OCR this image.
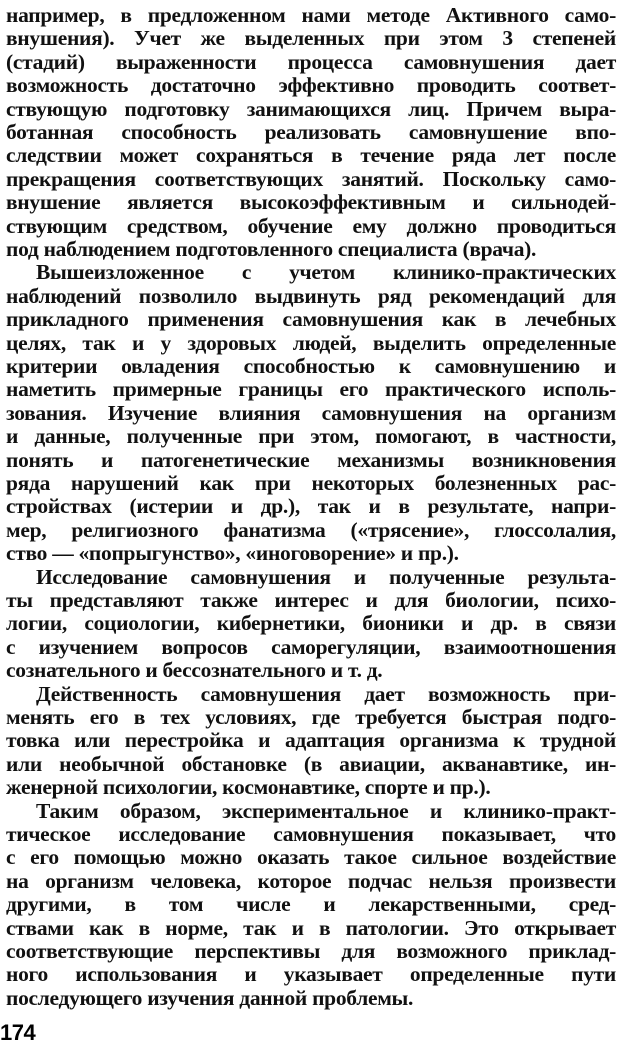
например, в предложенном нами методе Активного само-
внушения). Учет же выделенных при этом 3 степеней
(стадий) выраженности процесса самовнушения дает
возможность достаточно эффективно проводить соответ-
ствующую подготовку занимающихся лиц. Причем выра-
ботанная способность реализовать самовнушение впо-
следствии может сохраняться в течение ряда лет после
прекращения соответствующих занятий. Поскольку само-
внушение является высокоэффективным и сильнодей-
ствующим средством, обучение ему должно проводиться
под наблюдением подготовленного специалиста (врача).
Вышеизложенное с учетом клинико-практических
наблюдений позволило выдвинуть ряд рекомендаций для
прикладного применения самовнушения как в лечебных
целях, так и у здоровых людей, выделить определенные
критерии овладения способностью к самовнушению и
наметить примерные границы его практического исполь-
зования. Изучение влияния самовнушения на организм
и данные, полученные при этом, помогают, в частности,
понять и патогенетические механизмы возникновения
ряда нарушений как при некоторых болезненных рас-
стройствах (истерии и др.), так и в результате, напри-
мер, религиозного фанатизма («трясение», глоссолалия,
ство — «попрыгунство», «иноговорение» и пр.).
Исследование самовнушения и полученные результа-
ты представляют также интерес и для биологии, психо-
логии, социологии, кибернетики, бионики и др. в связи
с изучением вопросов саморегуляции, взаимоотношения
сознательного и бессознательного и т. д.
Действенность самовнушения дает возможность при-
менять его в тех условиях, где требуется быстрая подго-
товка или перестройка и адаптация организма к трудной
или необычной обстановке (в авиации, акванавтике, ин-
женерной психологии, космонавтике, спорте и пр.).
Таким образом, экспериментальное и клинико-практ-
тическое исследование самовнушения показывает, что
с его помощью можно оказать такое сильное воздействие
на организм человека, которое подчас нельзя произвести
другими, в том числе и лекарственными, сред-
ствами как в норме, так и в патологии. Это открывает
соответствующие перспективы для возможного приклад-
ного использования и указывает определенные пути
последующего изучения данной проблемы.
174
